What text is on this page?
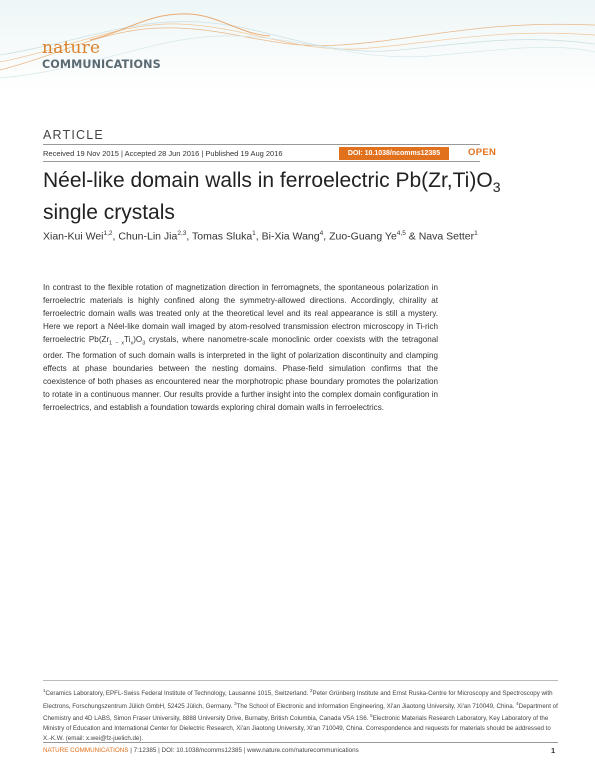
nature
COMMUNICATIONS
ARTICLE
Received 19 Nov 2015 | Accepted 28 Jun 2016 | Published 19 Aug 2016	DOI: 10.1038/ncomms12385	OPEN
Néel-like domain walls in ferroelectric $Pb(Zr,Ti)O_3$
single crystals
Xian-Kui Wei$^{1,2}$, Chun-Lin Jia$^{2,3}$, Tomas Sluka$^1$, Bi-Xia Wang$^4$, Zuo-Guang Ye$^{4,5}$ & Nava Setter$^1$

In contrast to the flexible rotation of magnetization direction in ferromagnets, the spontaneous polarization in ferroelectric materials is highly confined along the symmetry-allowed directions. Accordingly, chirality at ferroelectric domain walls was treated only at the theoretical level and its real appearance is still a mystery. Here we report a Néel-like domain wall imaged by atom-resolved transmission electron microscopy in Ti-rich ferroelectric $Pb(Zr_{1 - x}Ti_x)O_3$ crystals, where nanometre-scale monoclinic order coexists with the tetragonal order. The formation of such domain walls is interpreted in the light of polarization discontinuity and clamping effects at phase boundaries between the nesting domains. Phase-field simulation confirms that the coexistence of both phases as encountered near the morphotropic phase boundary promotes the polarization to rotate in a continuous manner. Our results provide a further insight into the complex domain configuration in ferroelectrics, and establish a foundation towards exploring chiral domain walls in ferroelectrics.

$^1$Ceramics Laboratory, EPFL-Swiss Federal Institute of Technology, Lausanne 1015, Switzerland. $^2$Peter Grünberg Institute and Ernst Ruska-Centre for Microscopy and Spectroscopy with Electrons, Forschungszentrum Jülich GmbH, 52425 Jülich, Germany. $^3$The School of Electronic and Information Engineering, Xi'an Jiaotong University, Xi'an 710049, China. $^4$Department of Chemistry and 4D LABS, Simon Fraser University, 8888 University Drive, Burnaby, British Columbia, Canada V5A 1S6. $^5$Electronic Materials Research Laboratory, Key Laboratory of the Ministry of Education and International Center for Dielectric Research, Xi'an Jiaotong University, Xi'an 710049, China. Correspondence and requests for materials should be addressed to X.-K.W. (email: x.wei@fz-juelich.de).

NATURE COMMUNICATIONS | 7:12385 | DOI: 10.1038/ncomms12385 | www.nature.com/naturecommunications	1
